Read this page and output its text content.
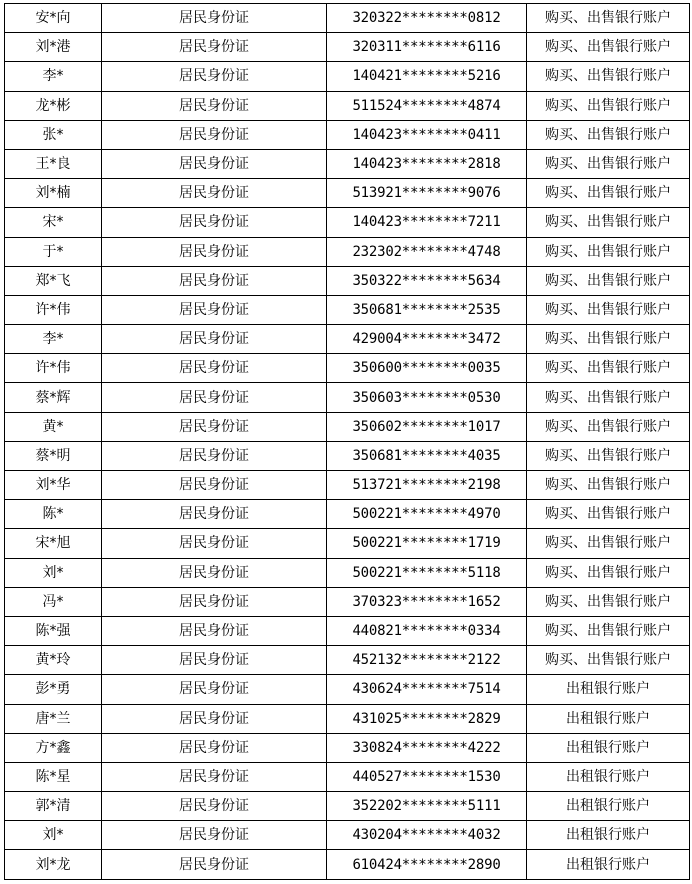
安*向	居民身份证	320322********0812	购买、出售银行账户
刘*港	居民身份证	320311********6116	购买、出售银行账户
李*	居民身份证	140421********5216	购买、出售银行账户
龙*彬	居民身份证	511524********4874	购买、出售银行账户
张*	居民身份证	140423********0411	购买、出售银行账户
王*良	居民身份证	140423********2818	购买、出售银行账户
刘*楠	居民身份证	513921********9076	购买、出售银行账户
宋*	居民身份证	140423********7211	购买、出售银行账户
于*	居民身份证	232302********4748	购买、出售银行账户
郑*飞	居民身份证	350322********5634	购买、出售银行账户
许*伟	居民身份证	350681********2535	购买、出售银行账户
李*	居民身份证	429004********3472	购买、出售银行账户
许*伟	居民身份证	350600********0035	购买、出售银行账户
蔡*辉	居民身份证	350603********0530	购买、出售银行账户
黄*	居民身份证	350602********1017	购买、出售银行账户
蔡*明	居民身份证	350681********4035	购买、出售银行账户
刘*华	居民身份证	513721********2198	购买、出售银行账户
陈*	居民身份证	500221********4970	购买、出售银行账户
宋*旭	居民身份证	500221********1719	购买、出售银行账户
刘*	居民身份证	500221********5118	购买、出售银行账户
冯*	居民身份证	370323********1652	购买、出售银行账户
陈*强	居民身份证	440821********0334	购买、出售银行账户
黄*玲	居民身份证	452132********2122	购买、出售银行账户
彭*勇	居民身份证	430624********7514	出租银行账户
唐*兰	居民身份证	431025********2829	出租银行账户
方*鑫	居民身份证	330824********4222	出租银行账户
陈*星	居民身份证	440527********1530	出租银行账户
郭*清	居民身份证	352202********5111	出租银行账户
刘*	居民身份证	430204********4032	出租银行账户
刘*龙	居民身份证	610424********2890	出租银行账户
